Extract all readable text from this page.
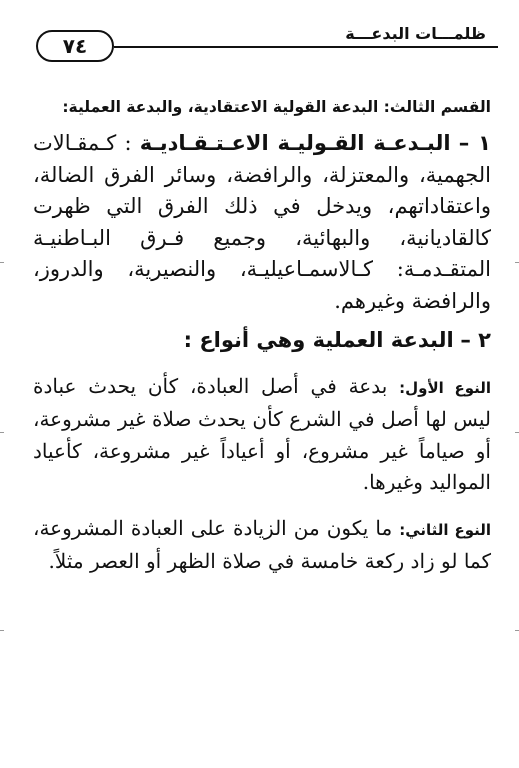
ظلمـــات البدعـــة
٧٤

القسم الثالث: البدعة القولية الاعتقادية، والبدعة العملية:

١ – البـدعـة القـوليـة الاعـتـقـاديـة : كـمقـالات الجهمية، والمعتزلة، والرافضة، وسائر الفرق الضالة، واعتقاداتهم، ويدخل في ذلك الفرق التي ظهرت كالقاديانية، والبهائية، وجميع فـرق البـاطنيـة المتقـدمـة: كـالاسمـاعيليـة، والنصيرية، والدروز، والرافضة وغيرهم.

٢ – البدعة العملية وهي أنواع :

النوع الأول: بدعة في أصل العبادة، كأن يحدث عبادة ليس لها أصل في الشرع كأن يحدث صلاة غير مشروعة، أو صياماً غير مشروع، أو أعياداً غير مشروعة، كأعياد المواليد وغيرها.

النوع الثاني: ما يكون من الزيادة على العبادة المشروعة، كما لو زاد ركعة خامسة في صلاة الظهر أو العصر مثلاً.
